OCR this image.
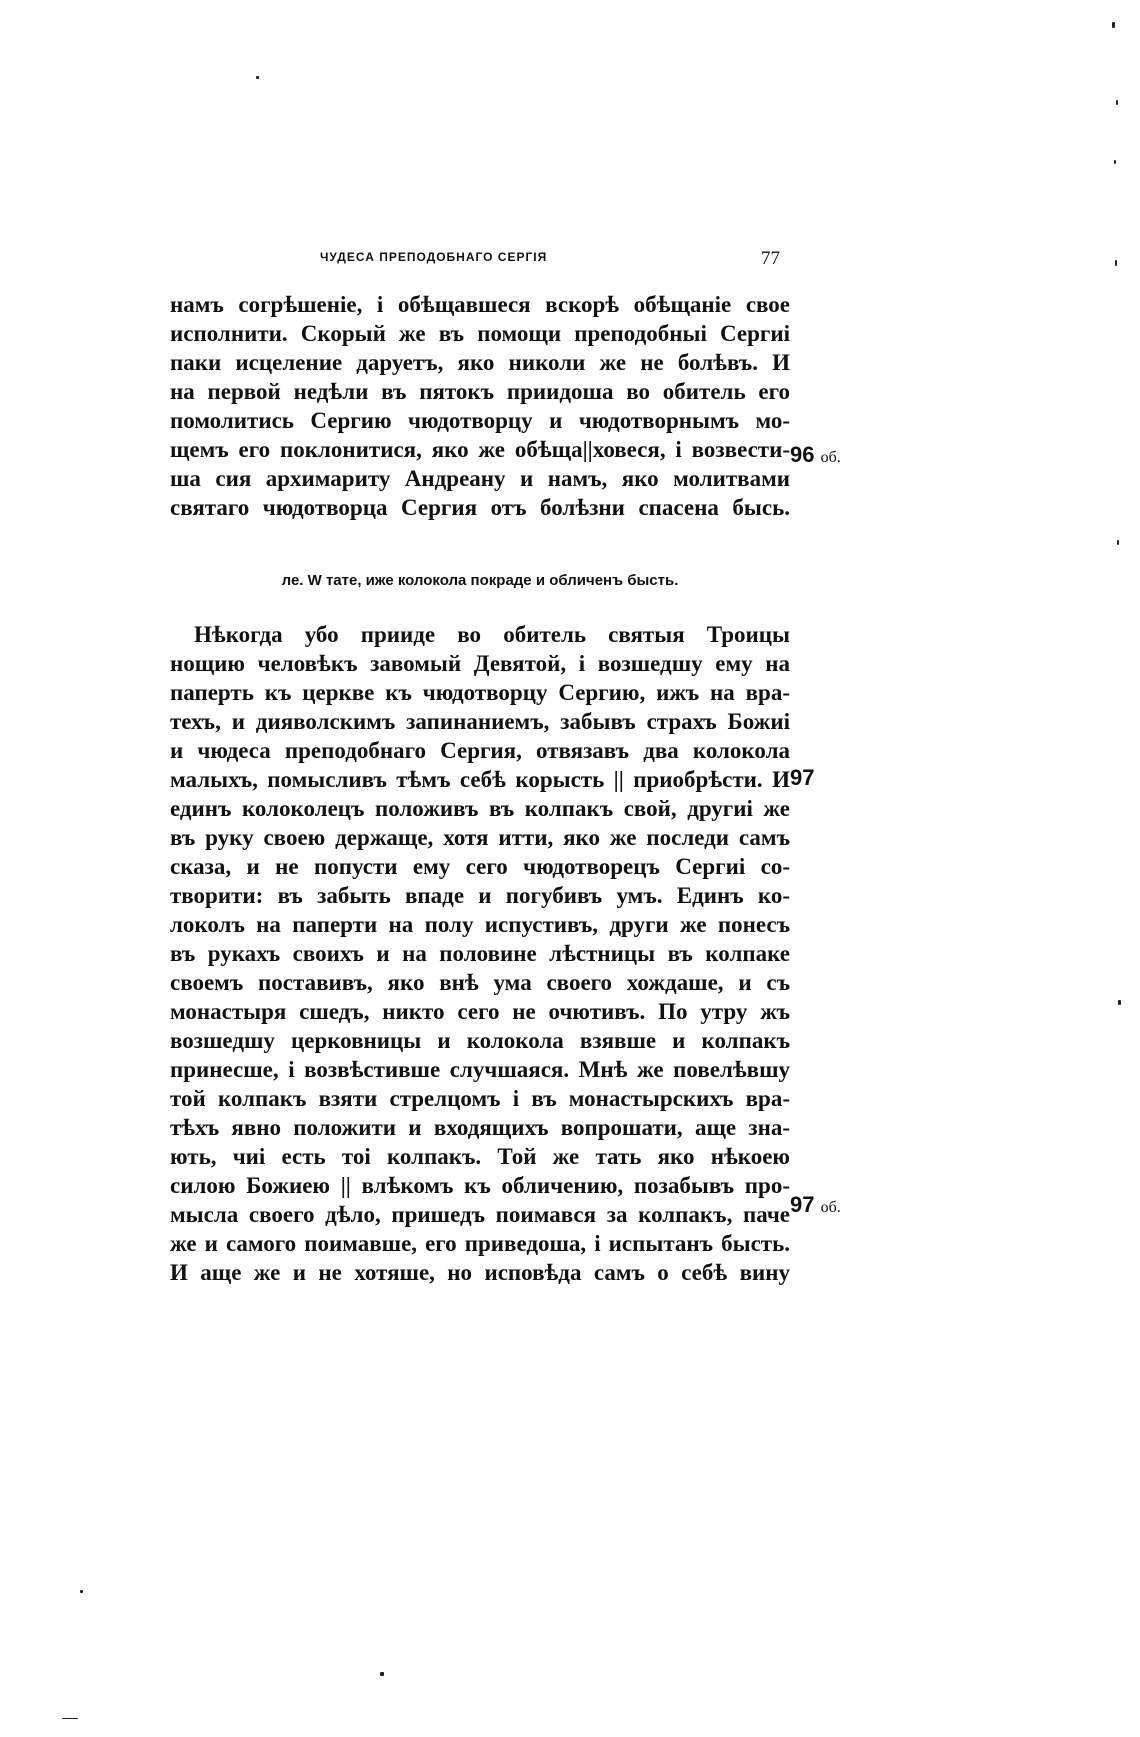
ЧУДЕСА ПРЕПОДОБНАГО СЕРГІЯ	77
намъ согрѣшеніе, і обѣщавшеся вскорѣ обѣщаніе свое
исполнити. Скорый же въ помощи преподобныі Сергиі
паки исцелениe даруетъ, яко николи же не болѣвъ. И
на первой недѣли въ пятокъ приидоша во обитель его
помолитись Сергию чюдотворцу и чюдотворнымъ мо-
щемъ его поклонитися, яко же обѣща||ховеся, і возвести-
ша сия архимариту Андреану и намъ, яко молитвами
святаго чюдотворца Сергия отъ болѣзни спасена бысь.
ле. W тате, иже колокола покраде и обличенъ бысть.
Нѣкогда убо прииде во обитель святыя Троицы
нощию человѣкъ завомый Девятой, і возшедшу ему на
паперть къ церкве къ чюдотворцу Сергию, ижъ на вра-
техъ, и дияволскимъ запинаниемъ, забывъ страхъ Божиі
и чюдеса преподобнаго Сергия, отвязавъ два колокола
малыхъ, помысливъ тѣмъ себѣ корысть || приобрѣсти. И
единъ колоколецъ положивъ въ колпакъ свой, другиі же
въ руку своею держаще, хотя итти, яко же последи самъ
сказа, и не попусти ему сего чюдотворецъ Сергиі со-
творити: въ забыть впаде и погубивъ умъ. Единъ ко-
локолъ на паперти на полу испустивъ, други же понесъ
въ рукахъ своихъ и на половине лѣстницы въ колпаке
своемъ поставивъ, яко внѣ ума своего хождаше, и съ
монастыря сшедъ, никто сего не очютивъ. По утру жъ
возшедшу церковницы и колокола взявше и колпакъ
принесше, і возвѣстивше случшаяся. Мнѣ же повелѣвшу
той колпакъ взяти стрелцомъ і въ монастырскихъ вра-
тѣхъ явно положити и входящихъ вопрошати, аще зна-
ють, чиі есть тоі колпакъ. Той же тать яко нѣкоею
силою Божиею || влѣкомъ къ обличению, позабывъ про-
мысла своего дѣло, пришедъ поимався за колпакъ, паче
же и самого поимавше, его приведоша, і испытанъ бысть.
И аще же и не хотяше, но исповѣда самъ о себѣ вину
96 об.
97
97 об.
